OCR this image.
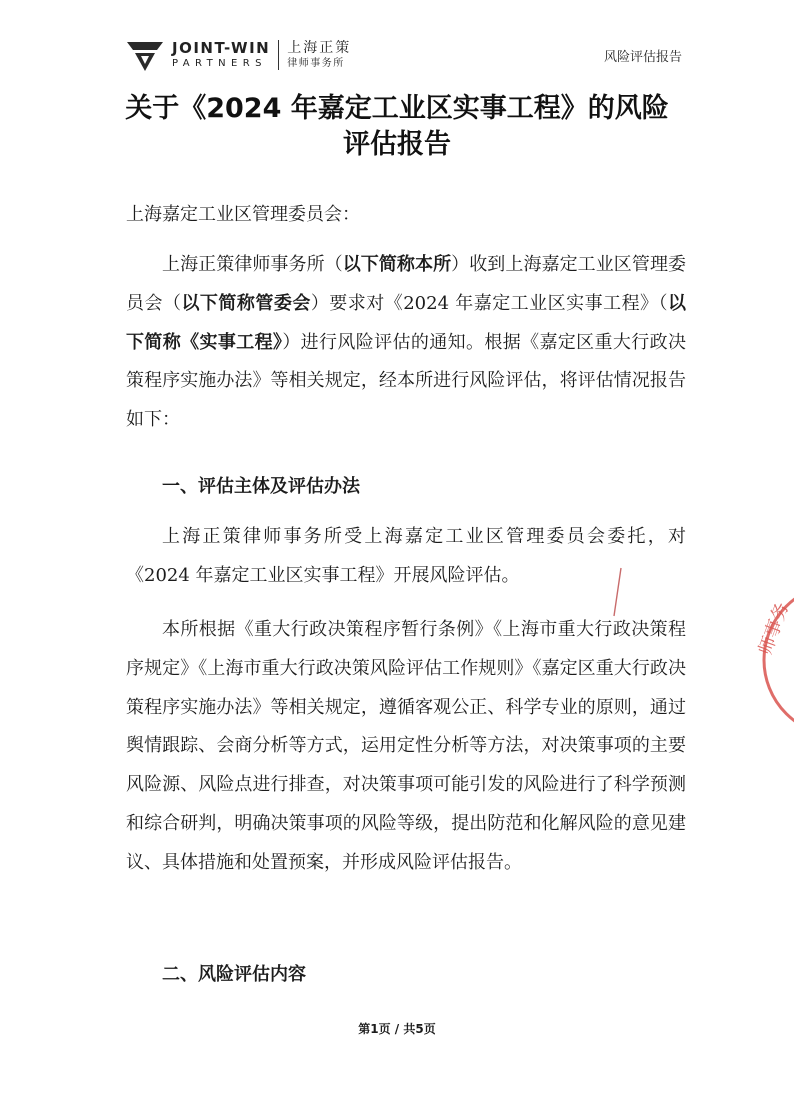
JOINT-WIN
PARTNERS
上海正策
律师事务所	风险评估报告
关于《2024 年嘉定工业区实事工程》的风险
评估报告
上海嘉定工业区管理委员会：
上海正策律师事务所（以下简称本所）收到上海嘉定工业区管理委员会（以下简称管委会）要求对《2024 年嘉定工业区实事工程》（以下简称《实事工程》）进行风险评估的通知。根据《嘉定区重大行政决策程序实施办法》等相关规定，经本所进行风险评估，将评估情况报告如下：
一、评估主体及评估办法
上海正策律师事务所受上海嘉定工业区管理委员会委托，对《2024 年嘉定工业区实事工程》开展风险评估。
本所根据《重大行政决策程序暂行条例》《上海市重大行政决策程序规定》《上海市重大行政决策风险评估工作规则》《嘉定区重大行政决策程序实施办法》等相关规定，遵循客观公正、科学专业的原则，通过舆情跟踪、会商分析等方式，运用定性分析等方法，对决策事项的主要风险源、风险点进行排查，对决策事项可能引发的风险进行了科学预测和综合研判，明确决策事项的风险等级，提出防范和化解风险的意见建议、具体措施和处置预案，并形成风险评估报告。
二、风险评估内容
第1页 / 共5页
师事务
